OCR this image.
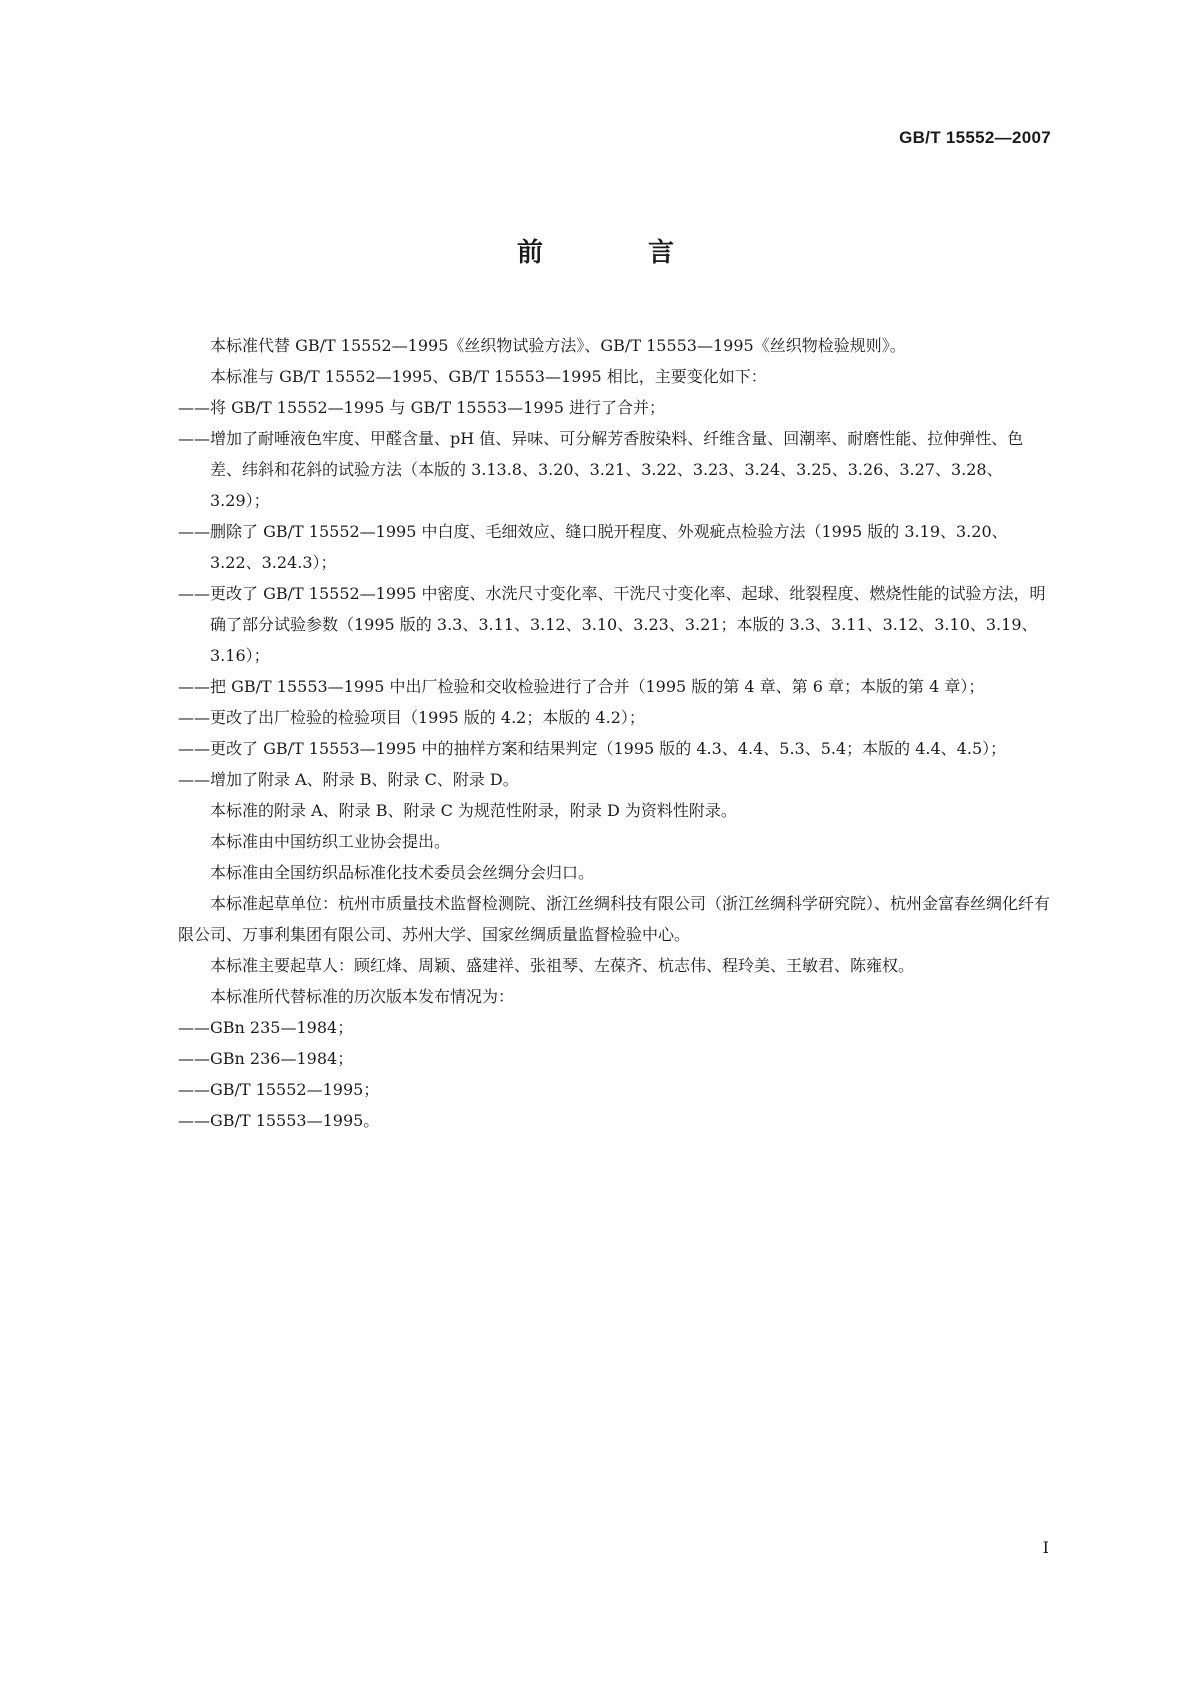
GB/T 15552—2007
前 言

本标准代替 GB/T 15552—1995《丝织物试验方法》、GB/T 15553—1995《丝织物检验规则》。

本标准与 GB/T 15552—1995、GB/T 15553—1995 相比，主要变化如下：

——将 GB/T 15552—1995 与 GB/T 15553—1995 进行了合并；

——增加了耐唾液色牢度、甲醛含量、pH 值、异味、可分解芳香胺染料、纤维含量、回潮率、耐磨性能、拉伸弹性、色差、纬斜和花斜的试验方法（本版的 3.13.8、3.20、3.21、3.22、3.23、3.24、3.25、3.26、3.27、3.28、3.29）；

——删除了 GB/T 15552—1995 中白度、毛细效应、缝口脱开程度、外观疵点检验方法（1995 版的 3.19、3.20、3.22、3.24.3）；

——更改了 GB/T 15552—1995 中密度、水洗尺寸变化率、干洗尺寸变化率、起球、纰裂程度、燃烧性能的试验方法，明确了部分试验参数（1995 版的 3.3、3.11、3.12、3.10、3.23、3.21；本版的 3.3、3.11、3.12、3.10、3.19、3.16）；

——把 GB/T 15553—1995 中出厂检验和交收检验进行了合并（1995 版的第 4 章、第 6 章；本版的第 4 章）；

——更改了出厂检验的检验项目（1995 版的 4.2；本版的 4.2）；

——更改了 GB/T 15553—1995 中的抽样方案和结果判定（1995 版的 4.3、4.4、5.3、5.4；本版的 4.4、4.5）；

——增加了附录 A、附录 B、附录 C、附录 D。

本标准的附录 A、附录 B、附录 C 为规范性附录，附录 D 为资料性附录。

本标准由中国纺织工业协会提出。

本标准由全国纺织品标准化技术委员会丝绸分会归口。

本标准起草单位：杭州市质量技术监督检测院、浙江丝绸科技有限公司（浙江丝绸科学研究院）、杭州金富春丝绸化纤有限公司、万事利集团有限公司、苏州大学、国家丝绸质量监督检验中心。

本标准主要起草人：顾红烽、周颖、盛建祥、张祖琴、左葆齐、杭志伟、程玲美、王敏君、陈雍权。

本标准所代替标准的历次版本发布情况为：

——GBn 235—1984；

——GBn 236—1984；

——GB/T 15552—1995；

——GB/T 15553—1995。

Ⅰ
